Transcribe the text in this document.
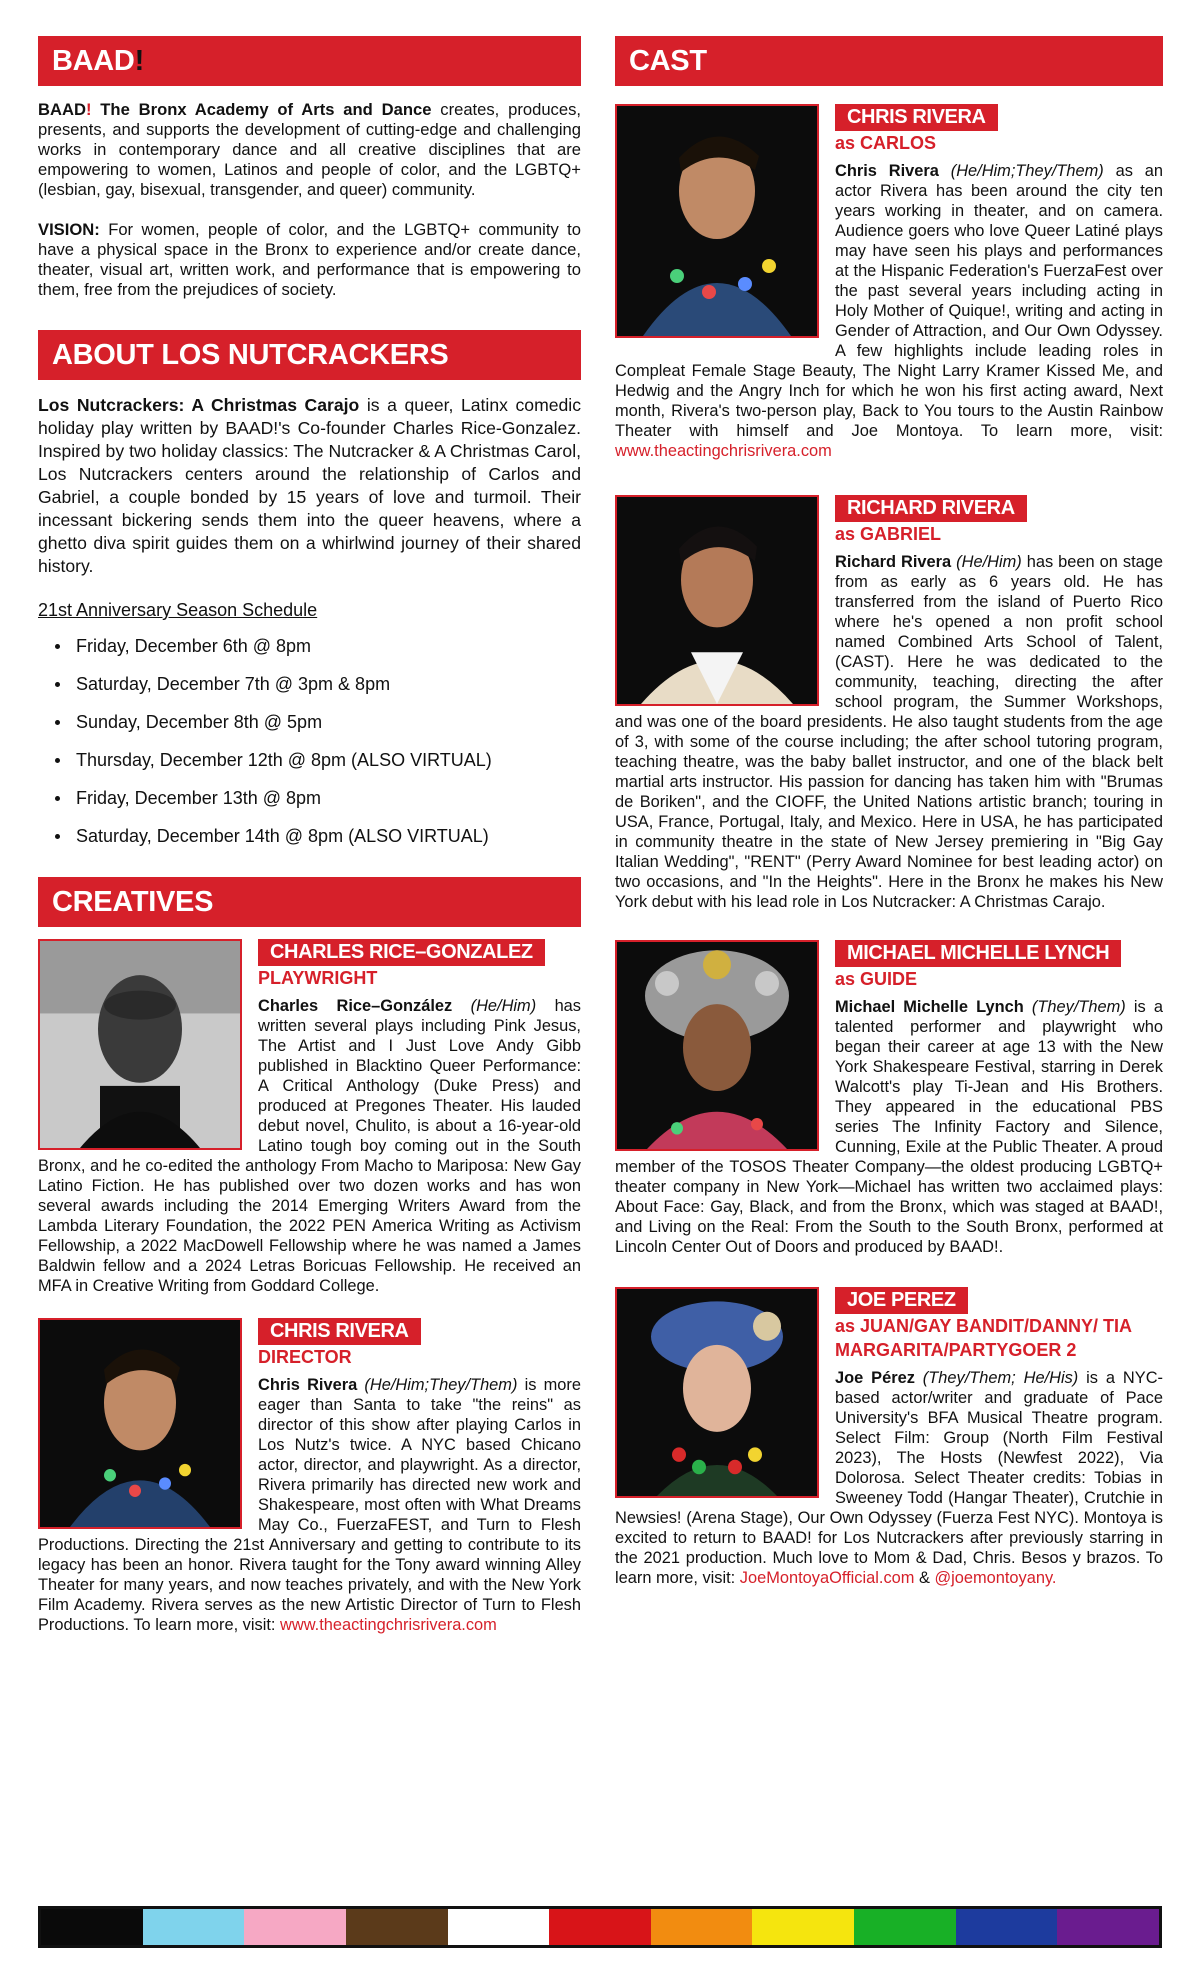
BAAD!

BAAD! The Bronx Academy of Arts and Dance creates, produces, presents, and supports the development of cutting-edge and challenging works in contemporary dance and all creative disciplines that are empowering to women, Latinos and people of color, and the LGBTQ+ (lesbian, gay, bisexual, transgender, and queer) community.

VISION: For women, people of color, and the LGBTQ+ community to have a physical space in the Bronx to experience and/or create dance, theater, visual art, written work, and performance that is empowering to them, free from the prejudices of society.

ABOUT LOS NUTCRACKERS

Los Nutcrackers: A Christmas Carajo is a queer, Latinx comedic holiday play written by BAAD!'s Co-founder Charles Rice-Gonzalez. Inspired by two holiday classics: The Nutcracker & A Christmas Carol, Los Nutcrackers centers around the relationship of Carlos and Gabriel, a couple bonded by 15 years of love and turmoil. Their incessant bickering sends them into the queer heavens, where a ghetto diva spirit guides them on a whirlwind journey of their shared history.

21st Anniversary Season Schedule
Friday, December 6th @ 8pm
Saturday, December 7th @ 3pm & 8pm
Sunday, December 8th @ 5pm
Thursday, December 12th @ 8pm (ALSO VIRTUAL)
Friday, December 13th @ 8pm
Saturday, December 14th @ 8pm (ALSO VIRTUAL)
CREATIVES
CHARLES RICE–GONZALEZ
PLAYWRIGHT

Charles Rice–González (He/Him) has written several plays including Pink Jesus, The Artist and I Just Love Andy Gibb published in Blacktino Queer Performance: A Critical Anthology (Duke Press) and produced at Pregones Theater. His lauded debut novel, Chulito, is about a 16-year-old Latino tough boy coming out in the South Bronx, and he co-edited the anthology From Macho to Mariposa: New Gay Latino Fiction. He has published over two dozen works and has won several awards including the 2014 Emerging Writers Award from the Lambda Literary Foundation, the 2022 PEN America Writing as Activism Fellowship, a 2022 MacDowell Fellowship where he was named a James Baldwin fellow and a 2024 Letras Boricuas Fellowship. He received an MFA in Creative Writing from Goddard College.

CHRIS RIVERA
DIRECTOR

Chris Rivera (He/Him;They/Them) is more eager than Santa to take "the reins" as director of this show after playing Carlos in Los Nutz's twice. A NYC based Chicano actor, director, and playwright. As a director, Rivera primarily has directed new work and Shakespeare, most often with What Dreams May Co., FuerzaFEST, and Turn to Flesh Productions. Directing the 21st Anniversary and getting to contribute to its legacy has been an honor. Rivera taught for the Tony award winning Alley Theater for many years, and now teaches privately, and with the New York Film Academy. Rivera serves as the new Artistic Director of Turn to Flesh Productions. To learn more, visit: www.theactingchrisrivera.com

CAST
CHRIS RIVERA
as CARLOS

Chris Rivera (He/Him;They/Them) as an actor Rivera has been around the city ten years working in theater, and on camera. Audience goers who love Queer Latiné plays may have seen his plays and performances at the Hispanic Federation's FuerzaFest over the past several years including acting in Holy Mother of Quique!, writing and acting in Gender of Attraction, and Our Own Odyssey. A few highlights include leading roles in Compleat Female Stage Beauty, The Night Larry Kramer Kissed Me, and Hedwig and the Angry Inch for which he won his first acting award, Next month, Rivera's two-person play, Back to You tours to the Austin Rainbow Theater with himself and Joe Montoya. To learn more, visit: www.theactingchrisrivera.com

RICHARD RIVERA
as GABRIEL

Richard Rivera (He/Him) has been on stage from as early as 6 years old. He has transferred from the island of Puerto Rico where he's opened a non profit school named Combined Arts School of Talent, (CAST). Here he was dedicated to the community, teaching, directing the after school program, the Summer Workshops, and was one of the board presidents. He also taught students from the age of 3, with some of the course including; the after school tutoring program, teaching theatre, was the baby ballet instructor, and one of the black belt martial arts instructor. His passion for dancing has taken him with "Brumas de Boriken", and the CIOFF, the United Nations artistic branch; touring in USA, France, Portugal, Italy, and Mexico. Here in USA, he has participated in community theatre in the state of New Jersey premiering in "Big Gay Italian Wedding", "RENT" (Perry Award Nominee for best leading actor) on two occasions, and "In the Heights". Here in the Bronx he makes his New York debut with his lead role in Los Nutcracker: A Christmas Carajo.

MICHAEL MICHELLE LYNCH
as GUIDE

Michael Michelle Lynch (They/Them) is a talented performer and playwright who began their career at age 13 with the New York Shakespeare Festival, starring in Derek Walcott's play Ti-Jean and His Brothers. They appeared in the educational PBS series The Infinity Factory and Silence, Cunning, Exile at the Public Theater. A proud member of the TOSOS Theater Company—the oldest producing LGBTQ+ theater company in New York—Michael has written two acclaimed plays: About Face: Gay, Black, and from the Bronx, which was staged at BAAD!, and Living on the Real: From the South to the South Bronx, performed at Lincoln Center Out of Doors and produced by BAAD!.

JOE PEREZ
as JUAN/GAY BANDIT/DANNY/ TIA MARGARITA/PARTYGOER 2

Joe Pérez (They/Them; He/His) is a NYC-based actor/writer and graduate of Pace University's BFA Musical Theatre program. Select Film: Group (North Film Festival 2023), The Hosts (Newfest 2022), Via Dolorosa. Select Theater credits: Tobias in Sweeney Todd (Hangar Theater), Crutchie in Newsies! (Arena Stage), Our Own Odyssey (Fuerza Fest NYC). Montoya is excited to return to BAAD! for Los Nutcrackers after previously starring in the 2021 production. Much love to Mom & Dad, Chris. Besos y brazos. To learn more, visit: JoeMontoyaOfficial.com & @joemontoyany.
